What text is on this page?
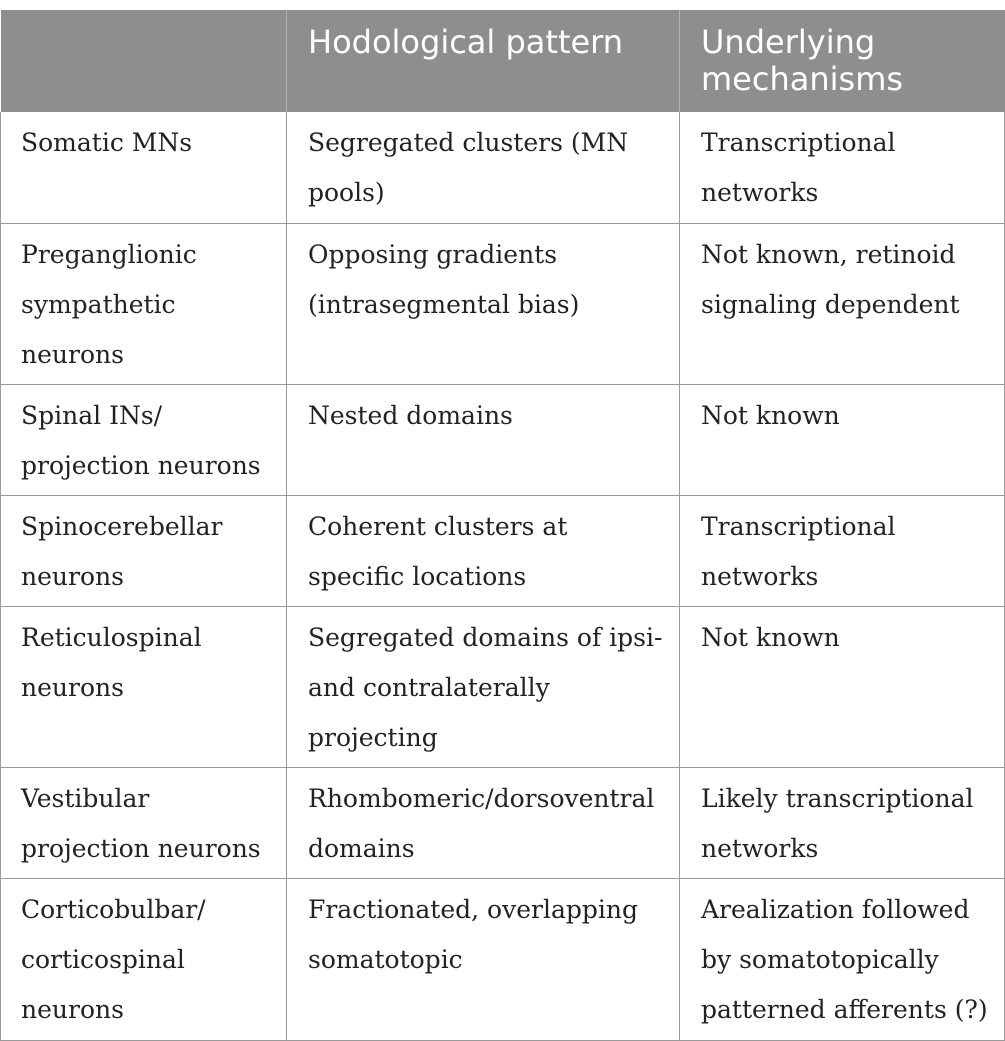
	Hodological pattern	Underlying mechanisms
Somatic MNs	Segregated clusters (MN pools)	Transcriptional networks
Preganglionic sympathetic neurons	Opposing gradients (intrasegmental bias)	Not known, retinoid signaling dependent
Spinal INs/ projection neurons	Nested domains	Not known
Spinocerebellar neurons	Coherent clusters at specific locations	Transcriptional networks
Reticulospinal neurons	Segregated domains of ipsi- and contralaterally projecting	Not known
Vestibular projection neurons	Rhombomeric/dorsoventral domains	Likely transcriptional networks
Corticobulbar/ corticospinal neurons	Fractionated, overlapping somatotopic	Arealization followed by somatotopically patterned afferents (?)
